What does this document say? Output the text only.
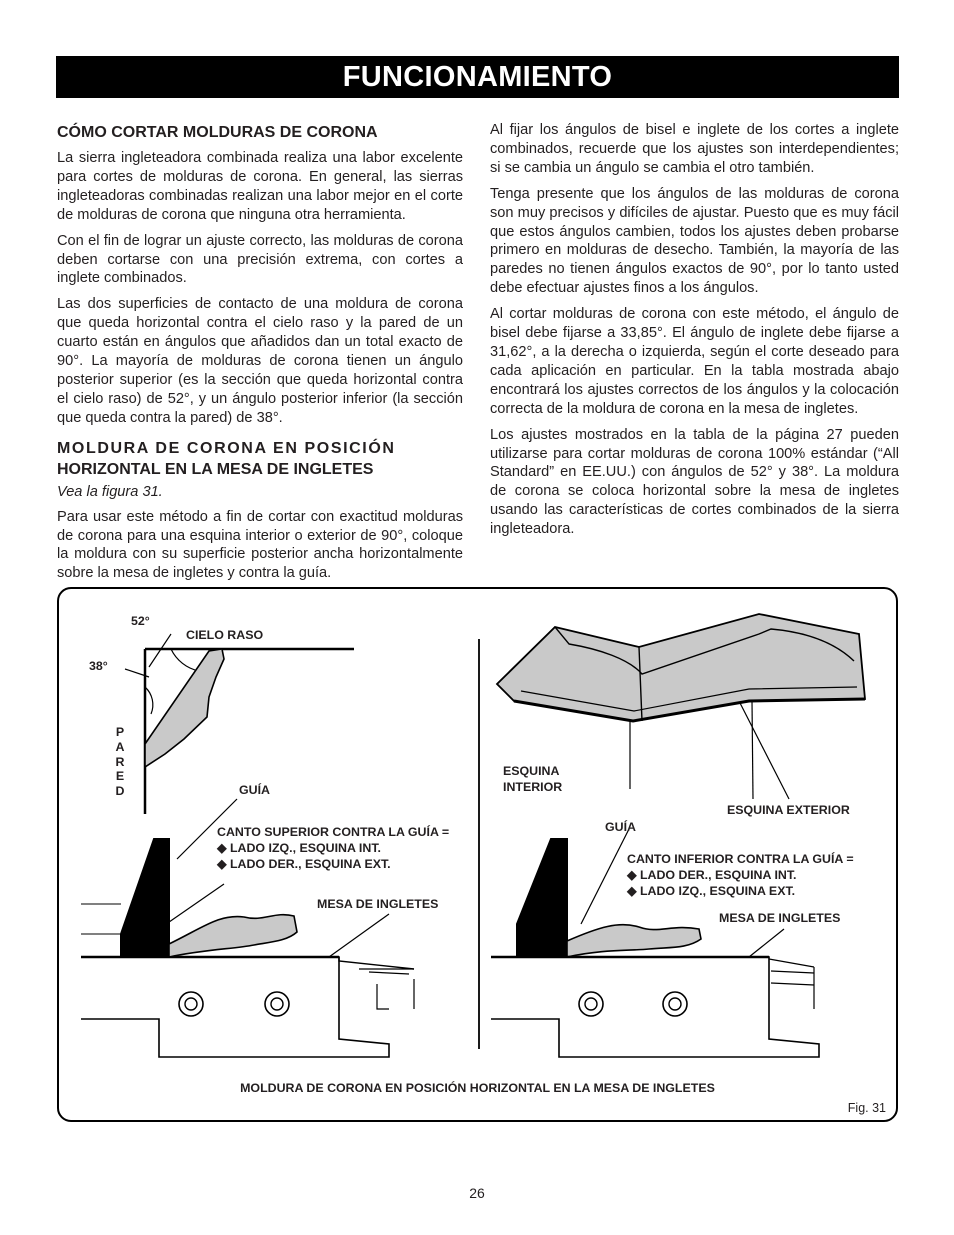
FUNCIONAMIENTO
CÓMO CORTAR MOLDURAS DE CORONA

La sierra ingleteadora combinada realiza una labor excelente para cortes de molduras de corona. En general, las sierras ingleteadoras combinadas realizan una labor mejor en el corte de molduras de corona que ninguna otra herramienta.

Con el fin de lograr un ajuste correcto, las molduras de corona deben cortarse con una precisión extrema, con cortes a inglete combinados.

Las dos superficies de contacto de una moldura de corona que queda horizontal contra el cielo raso y la pared de un cuarto están en ángulos que añadidos dan un total exacto de 90°. La mayoría de molduras de corona tienen un ángulo posterior superior (es la sección que queda horizontal contra el cielo raso) de 52°, y un ángulo posterior inferior (la sección que queda contra la pared) de 38°.

MOLDURA DE CORONA EN POSICIÓN
HORIZONTAL EN LA MESA DE INGLETES

Vea la figura 31.

Para usar este método a fin de cortar con exactitud molduras de corona para una esquina interior o exterior de 90°, coloque la moldura con su superficie posterior ancha horizontalmente sobre la mesa de ingletes y contra la guía.

Al fijar los ángulos de bisel e inglete de los cortes a inglete combinados, recuerde que los ajustes son interdependientes; si se cambia un ángulo se cambia el otro también.

Tenga presente que los ángulos de las molduras de corona son muy precisos y difíciles de ajustar. Puesto que es muy fácil que estos ángulos cambien, todos los ajustes deben probarse primero en molduras de desecho. También, la mayoría de las paredes no tienen ángulos exactos de 90°, por lo tanto usted debe efectuar ajustes finos a los ángulos.

Al cortar molduras de corona con este método, el ángulo de bisel debe fijarse a 33,85°. El ángulo de inglete debe fijarse a 31,62°, a la derecha o izquierda, según el corte deseado para cada aplicación en particular. En la tabla mostrada abajo encontrará los ajustes correctos de los ángulos y la colocación correcta de la moldura de corona en la mesa de ingletes.

Los ajustes mostrados en la tabla de la página 27 pueden utilizarse para cortar molduras de corona 100% estándar (“All Standard” en EE.UU.) con ángulos de 52° y 38°. La moldura de corona se coloca horizontal sobre la mesa de ingletes usando las características de cortes combinados de la sierra ingleteadora.

52°
CIELO RASO
38°
P
A
R
E
D	GUÍA
CANTO SUPERIOR CONTRA LA GUÍA =
◆ LADO IZQ., ESQUINA INT.
◆ LADO DER., ESQUINA EXT.
MESA DE INGLETES
ESQUINA
INTERIOR
ESQUINA EXTERIOR
GUÍA
CANTO INFERIOR CONTRA LA GUÍA =
◆ LADO DER., ESQUINA INT.
◆ LADO IZQ., ESQUINA EXT.
MESA DE INGLETES
MOLDURA DE CORONA EN POSICIÓN HORIZONTAL EN LA MESA DE INGLETES
Fig. 31
26
